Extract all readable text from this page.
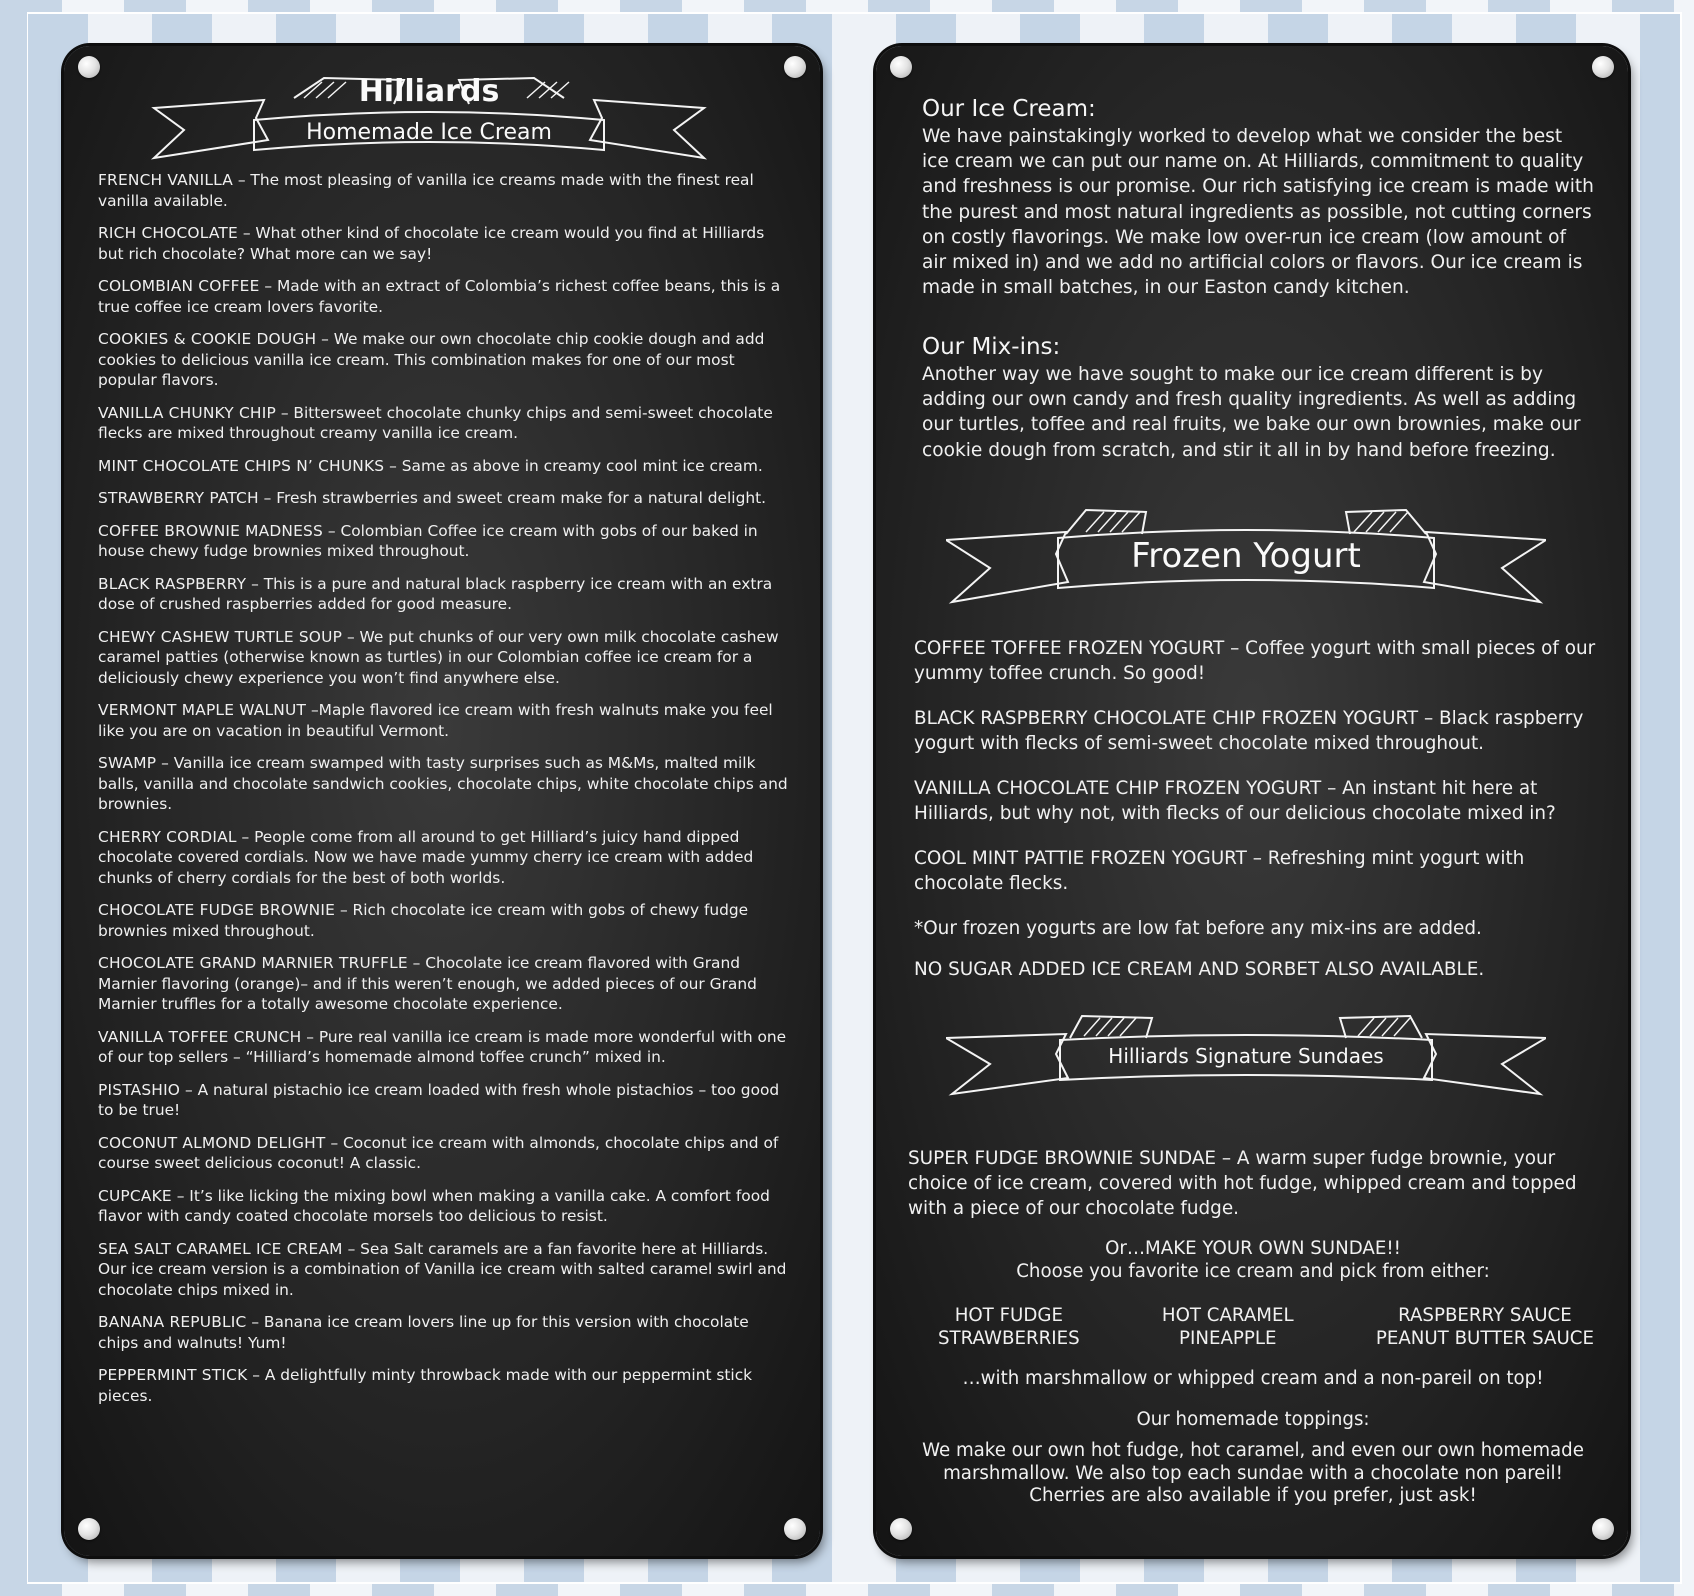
Hilliards
Homemade Ice Cream

FRENCH VANILLA – The most pleasing of vanilla ice creams made with the finest real vanilla available.

RICH CHOCOLATE – What other kind of chocolate ice cream would you find at Hilliards but rich chocolate? What more can we say!

COLOMBIAN COFFEE – Made with an extract of Colombia’s richest coffee beans, this is a true coffee ice cream lovers favorite.

COOKIES & COOKIE DOUGH – We make our own chocolate chip cookie dough and add cookies to delicious vanilla ice cream. This combination makes for one of our most popular flavors.

VANILLA CHUNKY CHIP – Bittersweet chocolate chunky chips and semi-sweet chocolate flecks are mixed throughout creamy vanilla ice cream.

MINT CHOCOLATE CHIPS N’ CHUNKS – Same as above in creamy cool mint ice cream.

STRAWBERRY PATCH – Fresh strawberries and sweet cream make for a natural delight.

COFFEE BROWNIE MADNESS – Colombian Coffee ice cream with gobs of our baked in house chewy fudge brownies mixed throughout.

BLACK RASPBERRY – This is a pure and natural black raspberry ice cream with an extra dose of crushed raspberries added for good measure.

CHEWY CASHEW TURTLE SOUP – We put chunks of our very own milk chocolate cashew caramel patties (otherwise known as turtles) in our Colombian coffee ice cream for a deliciously chewy experience you won’t find anywhere else.

VERMONT MAPLE WALNUT –Maple flavored ice cream with fresh walnuts make you feel like you are on vacation in beautiful Vermont.

SWAMP – Vanilla ice cream swamped with tasty surprises such as M&Ms, malted milk balls, vanilla and chocolate sandwich cookies, chocolate chips, white chocolate chips and brownies.

CHERRY CORDIAL – People come from all around to get Hilliard’s juicy hand dipped chocolate covered cordials. Now we have made yummy cherry ice cream with added chunks of cherry cordials for the best of both worlds.

CHOCOLATE FUDGE BROWNIE – Rich chocolate ice cream with gobs of chewy fudge brownies mixed throughout.

CHOCOLATE GRAND MARNIER TRUFFLE – Chocolate ice cream flavored with Grand Marnier flavoring (orange)– and if this weren’t enough, we added pieces of our Grand Marnier truffles for a totally awesome chocolate experience.

VANILLA TOFFEE CRUNCH – Pure real vanilla ice cream is made more wonderful with one of our top sellers – “Hilliard’s homemade almond toffee crunch” mixed in.

PISTASHIO – A natural pistachio ice cream loaded with fresh whole pistachios – too good to be true!

COCONUT ALMOND DELIGHT – Coconut ice cream with almonds, chocolate chips and of course sweet delicious coconut! A classic.

CUPCAKE – It’s like licking the mixing bowl when making a vanilla cake. A comfort food flavor with candy coated chocolate morsels too delicious to resist.

SEA SALT CARAMEL ICE CREAM – Sea Salt caramels are a fan favorite here at Hilliards. Our ice cream version is a combination of Vanilla ice cream with salted caramel swirl and chocolate chips mixed in.

BANANA REPUBLIC – Banana ice cream lovers line up for this version with chocolate chips and walnuts! Yum!

PEPPERMINT STICK – A delightfully minty throwback made with our peppermint stick pieces.

Our Ice Cream:

We have painstakingly worked to develop what we consider the best ice cream we can put our name on. At Hilliards, commitment to quality and freshness is our promise. Our rich satisfying ice cream is made with the purest and most natural ingredients as possible, not cutting corners on costly flavorings. We make low over-run ice cream (low amount of air mixed in) and we add no artificial colors or flavors. Our ice cream is made in small batches, in our Easton candy kitchen.

Our Mix-ins:

Another way we have sought to make our ice cream different is by adding our own candy and fresh quality ingredients. As well as adding our turtles, toffee and real fruits, we bake our own brownies, make our cookie dough from scratch, and stir it all in by hand before freezing.

Frozen Yogurt

COFFEE TOFFEE FROZEN YOGURT – Coffee yogurt with small pieces of our yummy toffee crunch. So good!

BLACK RASPBERRY CHOCOLATE CHIP FROZEN YOGURT – Black raspberry yogurt with flecks of semi-sweet chocolate mixed throughout.

VANILLA CHOCOLATE CHIP FROZEN YOGURT – An instant hit here at Hilliards, but why not, with flecks of our delicious chocolate mixed in?

COOL MINT PATTIE FROZEN YOGURT – Refreshing mint yogurt with chocolate flecks.

*Our frozen yogurts are low fat before any mix-ins are added.

NO SUGAR ADDED ICE CREAM AND SORBET ALSO AVAILABLE.

Hilliards Signature Sundaes

SUPER FUDGE BROWNIE SUNDAE – A warm super fudge brownie, your choice of ice cream, covered with hot fudge, whipped cream and topped with a piece of our chocolate fudge.

Or…MAKE YOUR OWN SUNDAE!!
Choose you favorite ice cream and pick from either:
HOT FUDGE
STRAWBERRIES
HOT CARAMEL
PINEAPPLE
RASPBERRY SAUCE
PEANUT BUTTER SAUCE
…with marshmallow or whipped cream and a non-pareil on top!
Our homemade toppings:
We make our own hot fudge, hot caramel, and even our own homemade marshmallow. We also top each sundae with a chocolate non pareil! Cherries are also available if you prefer, just ask!
